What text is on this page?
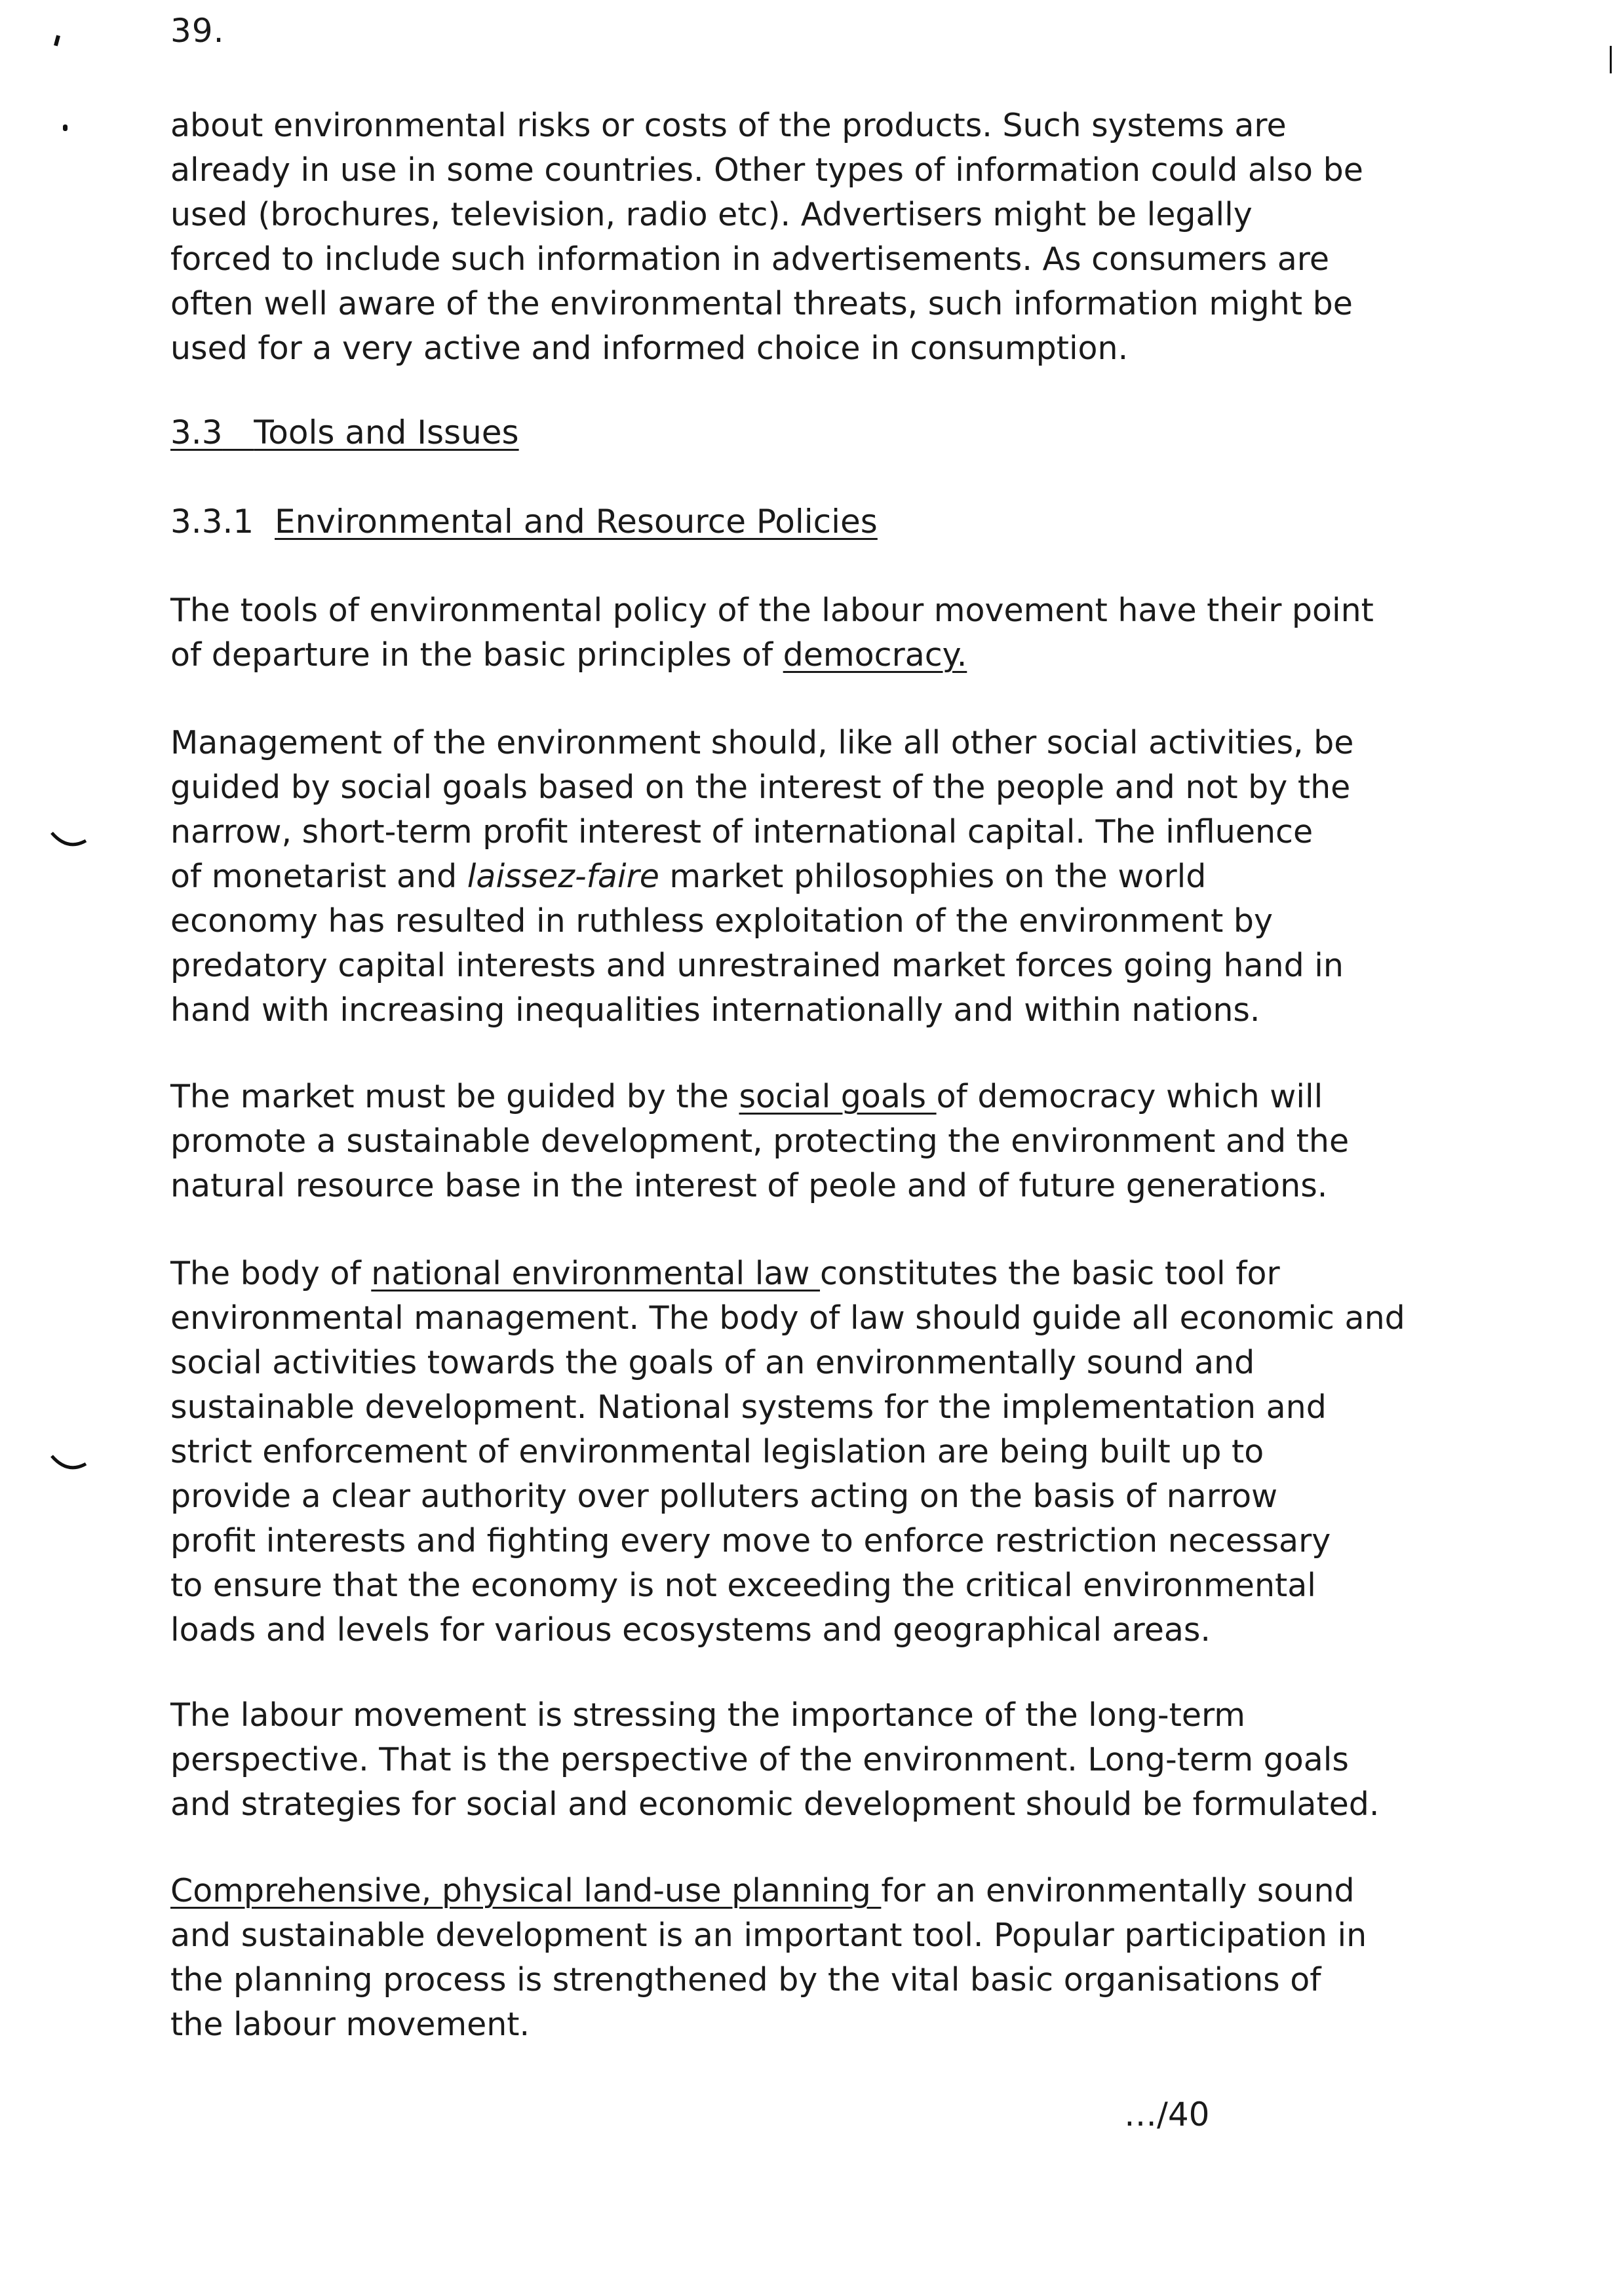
39.

about environmental risks or costs of the products. Such systems are
already in use in some countries. Other types of information could also be
used (brochures, television, radio etc). Advertisers might be legally
forced to include such information in advertisements. As consumers are
often well aware of the environmental threats, such information might be
used for a very active and informed choice in consumption.

3.3 Tools and Issues

3.3.1 Environmental and Resource Policies

The tools of environmental policy of the labour movement have their point
of departure in the basic principles of democracy.

Management of the environment should, like all other social activities, be
guided by social goals based on the interest of the people and not by the
narrow, short-term profit interest of international capital. The influence
of monetarist and laissez-faire market philosophies on the world
economy has resulted in ruthless exploitation of the environment by
predatory capital interests and unrestrained market forces going hand in
hand with increasing inequalities internationally and within nations.

The market must be guided by the social goals of democracy which will
promote a sustainable development, protecting the environment and the
natural resource base in the interest of peole and of future generations.

The body of national environmental law constitutes the basic tool for
environmental management. The body of law should guide all economic and
social activities towards the goals of an environmentally sound and
sustainable development. National systems for the implementation and
strict enforcement of environmental legislation are being built up to
provide a clear authority over polluters acting on the basis of narrow
profit interests and fighting every move to enforce restriction necessary
to ensure that the economy is not exceeding the critical environmental
loads and levels for various ecosystems and geographical areas.

The labour movement is stressing the importance of the long-term
perspective. That is the perspective of the environment. Long-term goals
and strategies for social and economic development should be formulated.

Comprehensive, physical land-use planning for an environmentally sound
and sustainable development is an important tool. Popular participation in
the planning process is strengthened by the vital basic organisations of
the labour movement.

…/40
